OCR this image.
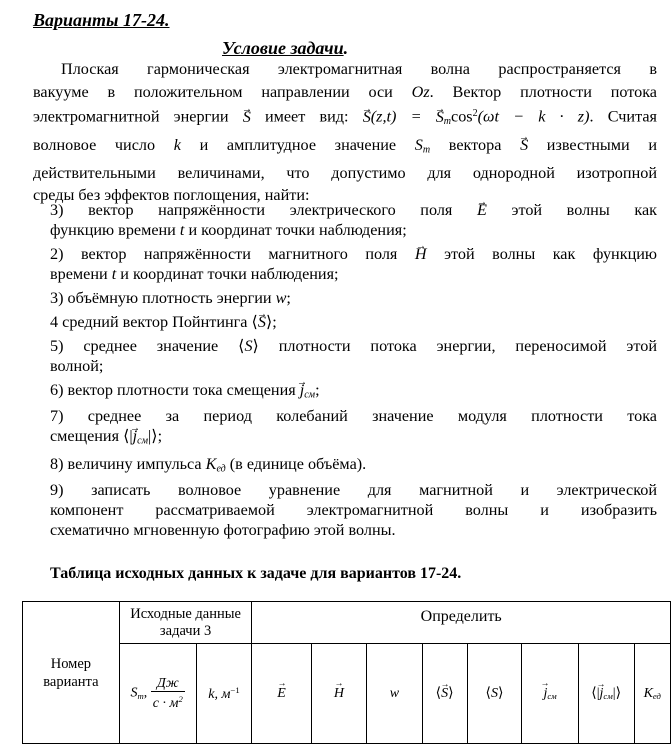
Варианты 17-24.
Условие задачи.

Плоская гармоническая электромагнитная волна распространяется в

вакууме в положительном направлении оси Oz. Вектор плотности потока

электромагнитной энергии → S имеет вид: → S(z,t) = → $S_m\cos^2(\omega t - k \cdot z)$. Считая

волновое число k и амплитудное значение $S_m$ вектора → S известными и

действительными величинами, что допустимо для однородной изотропной

среды без эффектов поглощения, найти:

3) вектор напряжённости электрического поля → E этой волны как

функцию времени t и координат точки наблюдения;

2) вектор напряжённости магнитного поля → H этой волны как функцию

времени t и координат точки наблюдения;

3) объёмную плотность энергии w;

4 средний вектор Пойнтинга ⟨→ S⟩;

5) среднее значение ⟨S⟩ плотности потока энергии, переносимой этой

волной;

6) вектор плотности тока смещения → $j_{см}$;

7) среднее за период колебаний значение модуля плотности тока

смещения ⟨|→ $j_{см}|⟩$;

8) величину импульса $K_{ед}$ (в единице объёма).

9) записать волновое уравнение для магнитной и электрической

компонент рассматриваемой электромагнитной волны и изобразить

схематично мгновенную фотографию этой волны.

Таблица исходных данных к задаче для вариантов 17-24.
Номер варианта	Исходные данные задачи 3		Определить							
	$S_m$, $\frac{Дж}{с \cdot м^2}$	k, $м^{-1}$	→ E	→ H	w	⟨→ S⟩	⟨S⟩	→ $j_{см}$	⟨|→ $j_{см}|⟩$	$K_{ед}$
